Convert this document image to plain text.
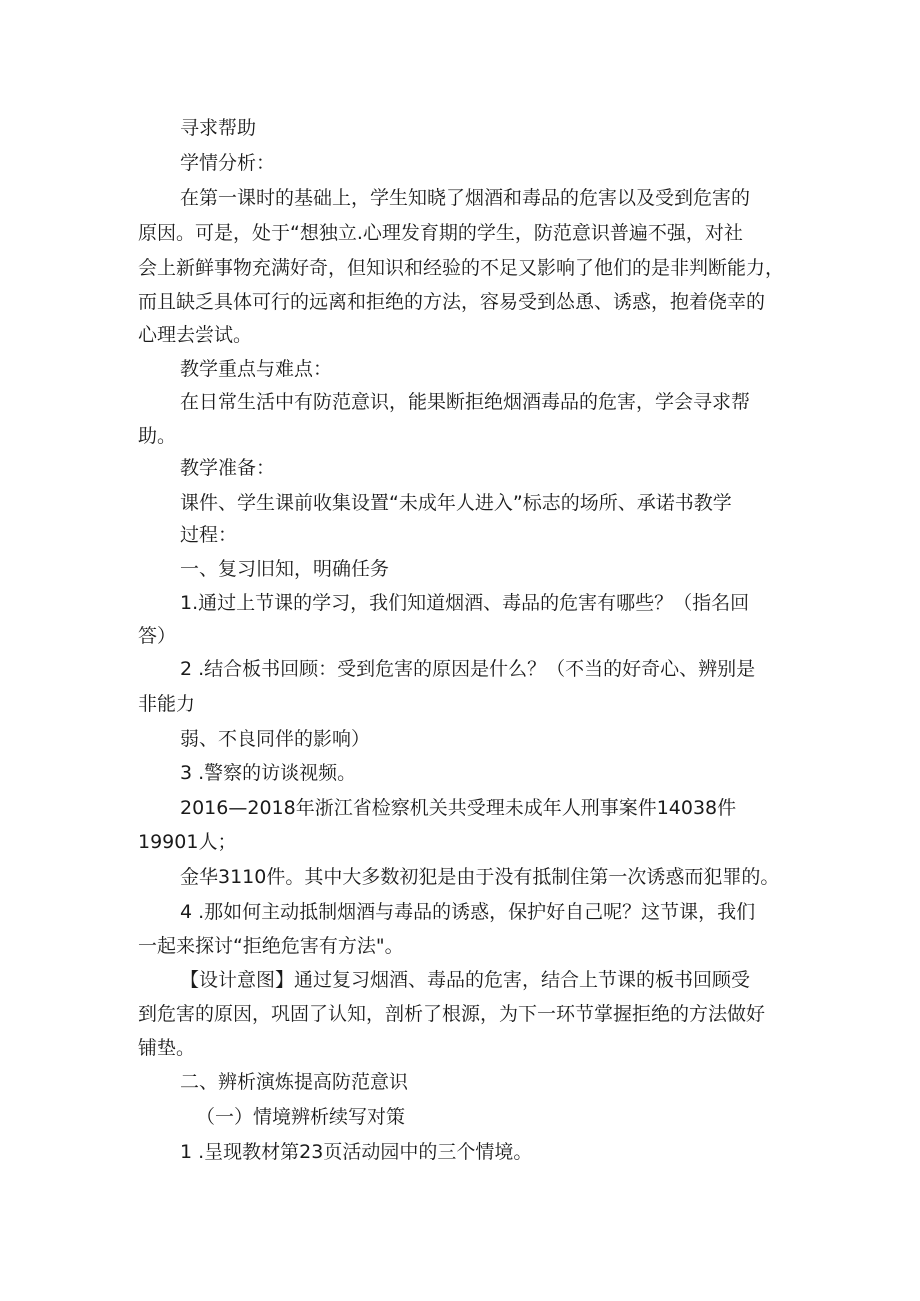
寻求帮助
学情分析：
在第一课时的基础上，学生知晓了烟酒和毒品的危害以及受到危害的
原因。可是，处于“想独立.心理发育期的学生，防范意识普遍不强，对社
会上新鲜事物充满好奇，但知识和经验的不足又影响了他们的是非判断能力，
而且缺乏具体可行的远离和拒绝的方法，容易受到怂恿、诱惑，抱着侥幸的
心理去尝试。
教学重点与难点：
在日常生活中有防范意识，能果断拒绝烟酒毒品的危害，学会寻求帮
助。
教学准备：
课件、学生课前收集设置“未成年人进入”标志的场所、承诺书教学
过程：
一、复习旧知，明确任务
1.通过上节课的学习，我们知道烟酒、毒品的危害有哪些？（指名回
答）
2 .结合板书回顾：受到危害的原因是什么？（不当的好奇心、辨别是
非能力
弱、不良同伴的影响）
3 .警察的访谈视频。
2016—2018年浙江省检察机关共受理未成年人刑事案件14038件
19901人；
金华3110件。其中大多数初犯是由于没有抵制住第一次诱惑而犯罪的。
4 .那如何主动抵制烟酒与毒品的诱惑，保护好自己呢？这节课，我们
一起来探讨“拒绝危害有方法"。
【设计意图】通过复习烟酒、毒品的危害，结合上节课的板书回顾受
到危害的原因，巩固了认知，剖析了根源，为下一环节掌握拒绝的方法做好
铺垫。
二、辨析演炼提高防范意识
（一）情境辨析续写对策
1 .呈现教材第23页活动园中的三个情境。
